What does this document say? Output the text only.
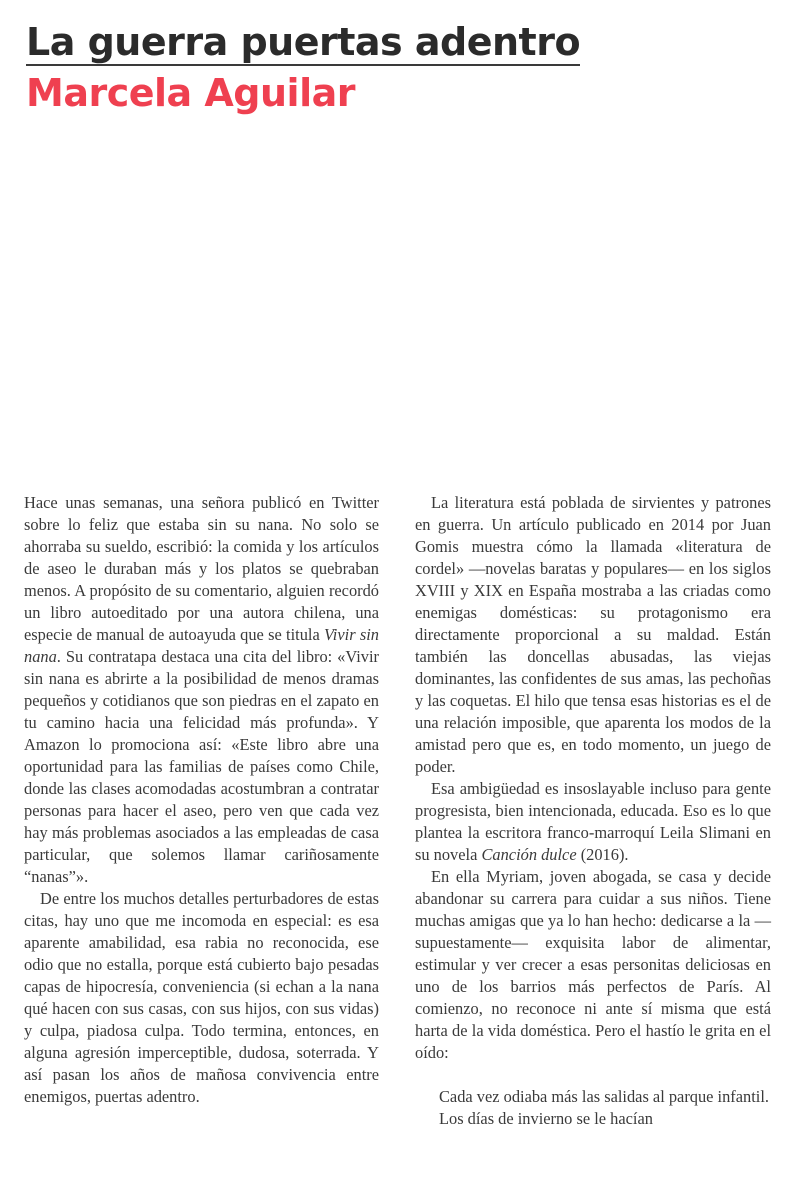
La guerra puertas adentro
Marcela Aguilar

Hace unas semanas, una señora publicó en Twitter sobre lo feliz que estaba sin su nana. No solo se ahorraba su sueldo, escribió: la comida y los artículos de aseo le duraban más y los platos se quebraban menos. A propósito de su comentario, alguien recordó un libro autoeditado por una autora chilena, una especie de manual de autoayuda que se titula Vivir sin nana. Su contratapa destaca una cita del libro: «Vivir sin nana es abrirte a la posibilidad de menos dramas pequeños y cotidianos que son piedras en el zapato en tu camino hacia una felicidad más profunda». Y Amazon lo promociona así: «Este libro abre una oportunidad para las familias de países como Chile, donde las clases acomodadas acostumbran a contratar personas para hacer el aseo, pero ven que cada vez hay más problemas asociados a las empleadas de casa particular, que solemos llamar cariñosamente “nanas”».

De entre los muchos detalles perturbadores de estas citas, hay uno que me incomoda en especial: es esa aparente amabilidad, esa rabia no reconocida, ese odio que no estalla, porque está cubierto bajo pesadas capas de hipocresía, conveniencia (si echan a la nana qué hacen con sus casas, con sus hijos, con sus vidas) y culpa, piadosa culpa. Todo termina, entonces, en alguna agresión imperceptible, dudosa, soterrada. Y así pasan los años de mañosa convivencia entre enemigos, puertas adentro.

La literatura está poblada de sirvientes y patrones en guerra. Un artículo publicado en 2014 por Juan Gomis muestra cómo la llamada «literatura de cordel» —novelas baratas y populares— en los siglos XVIII y XIX en España mostraba a las criadas como enemigas domésticas: su protagonismo era directamente proporcional a su maldad. Están también las doncellas abusadas, las viejas dominantes, las confidentes de sus amas, las pechoñas y las coquetas. El hilo que tensa esas historias es el de una relación imposible, que aparenta los modos de la amistad pero que es, en todo momento, un juego de poder.

Esa ambigüedad es insoslayable incluso para gente progresista, bien intencionada, educada. Eso es lo que plantea la escritora franco-marroquí Leila Slimani en su novela Canción dulce (2016).

En ella Myriam, joven abogada, se casa y decide abandonar su carrera para cuidar a sus niños. Tiene muchas amigas que ya lo han hecho: dedicarse a la —supuestamente— exquisita labor de alimentar, estimular y ver crecer a esas personitas deliciosas en uno de los barrios más perfectos de París. Al comienzo, no reconoce ni ante sí misma que está harta de la vida doméstica. Pero el hastío le grita en el oído:

Cada vez odiaba más las salidas al parque infantil. Los días de invierno se le hacían
